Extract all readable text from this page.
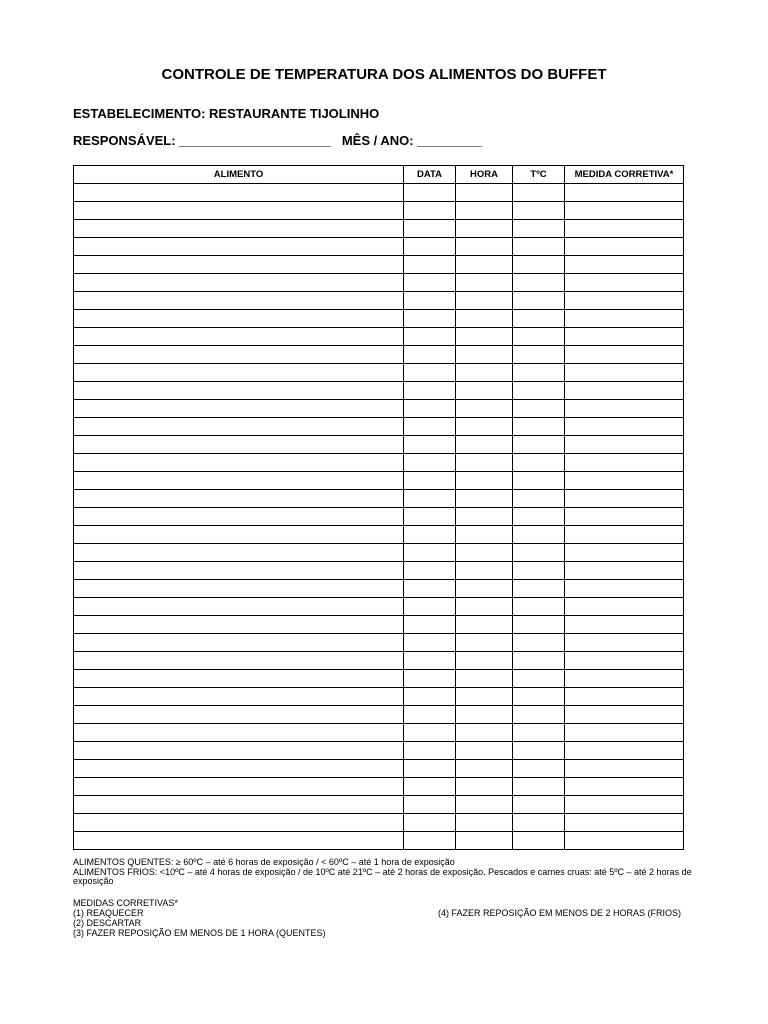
CONTROLE DE TEMPERATURA DOS ALIMENTOS DO BUFFET
ESTABELECIMENTO: RESTAURANTE TIJOLINHO
RESPONSÁVEL: _____________________   MÊS / ANO: _________
ALIMENTO	DATA	HORA	TºC	MEDIDA CORRETIVA*

ALIMENTOS QUENTES: ≥ 60ºC – até 6 horas de exposição / < 60ºC – até 1 hora de exposição
ALIMENTOS FRIOS: <10ºC – até 4 horas de exposição / de 10ºC até 21ºC – até 2 horas de exposição. Pescados e carnes cruas: até 5ºC – até 2 horas de exposição
MEDIDAS CORRETIVAS*
(1) REAQUECER
(2) DESCARTAR
(3) FAZER REPOSIÇÃO EM MENOS DE 1 HORA (QUENTES)
(4) FAZER REPOSIÇÃO EM MENOS DE 2 HORAS (FRIOS)
